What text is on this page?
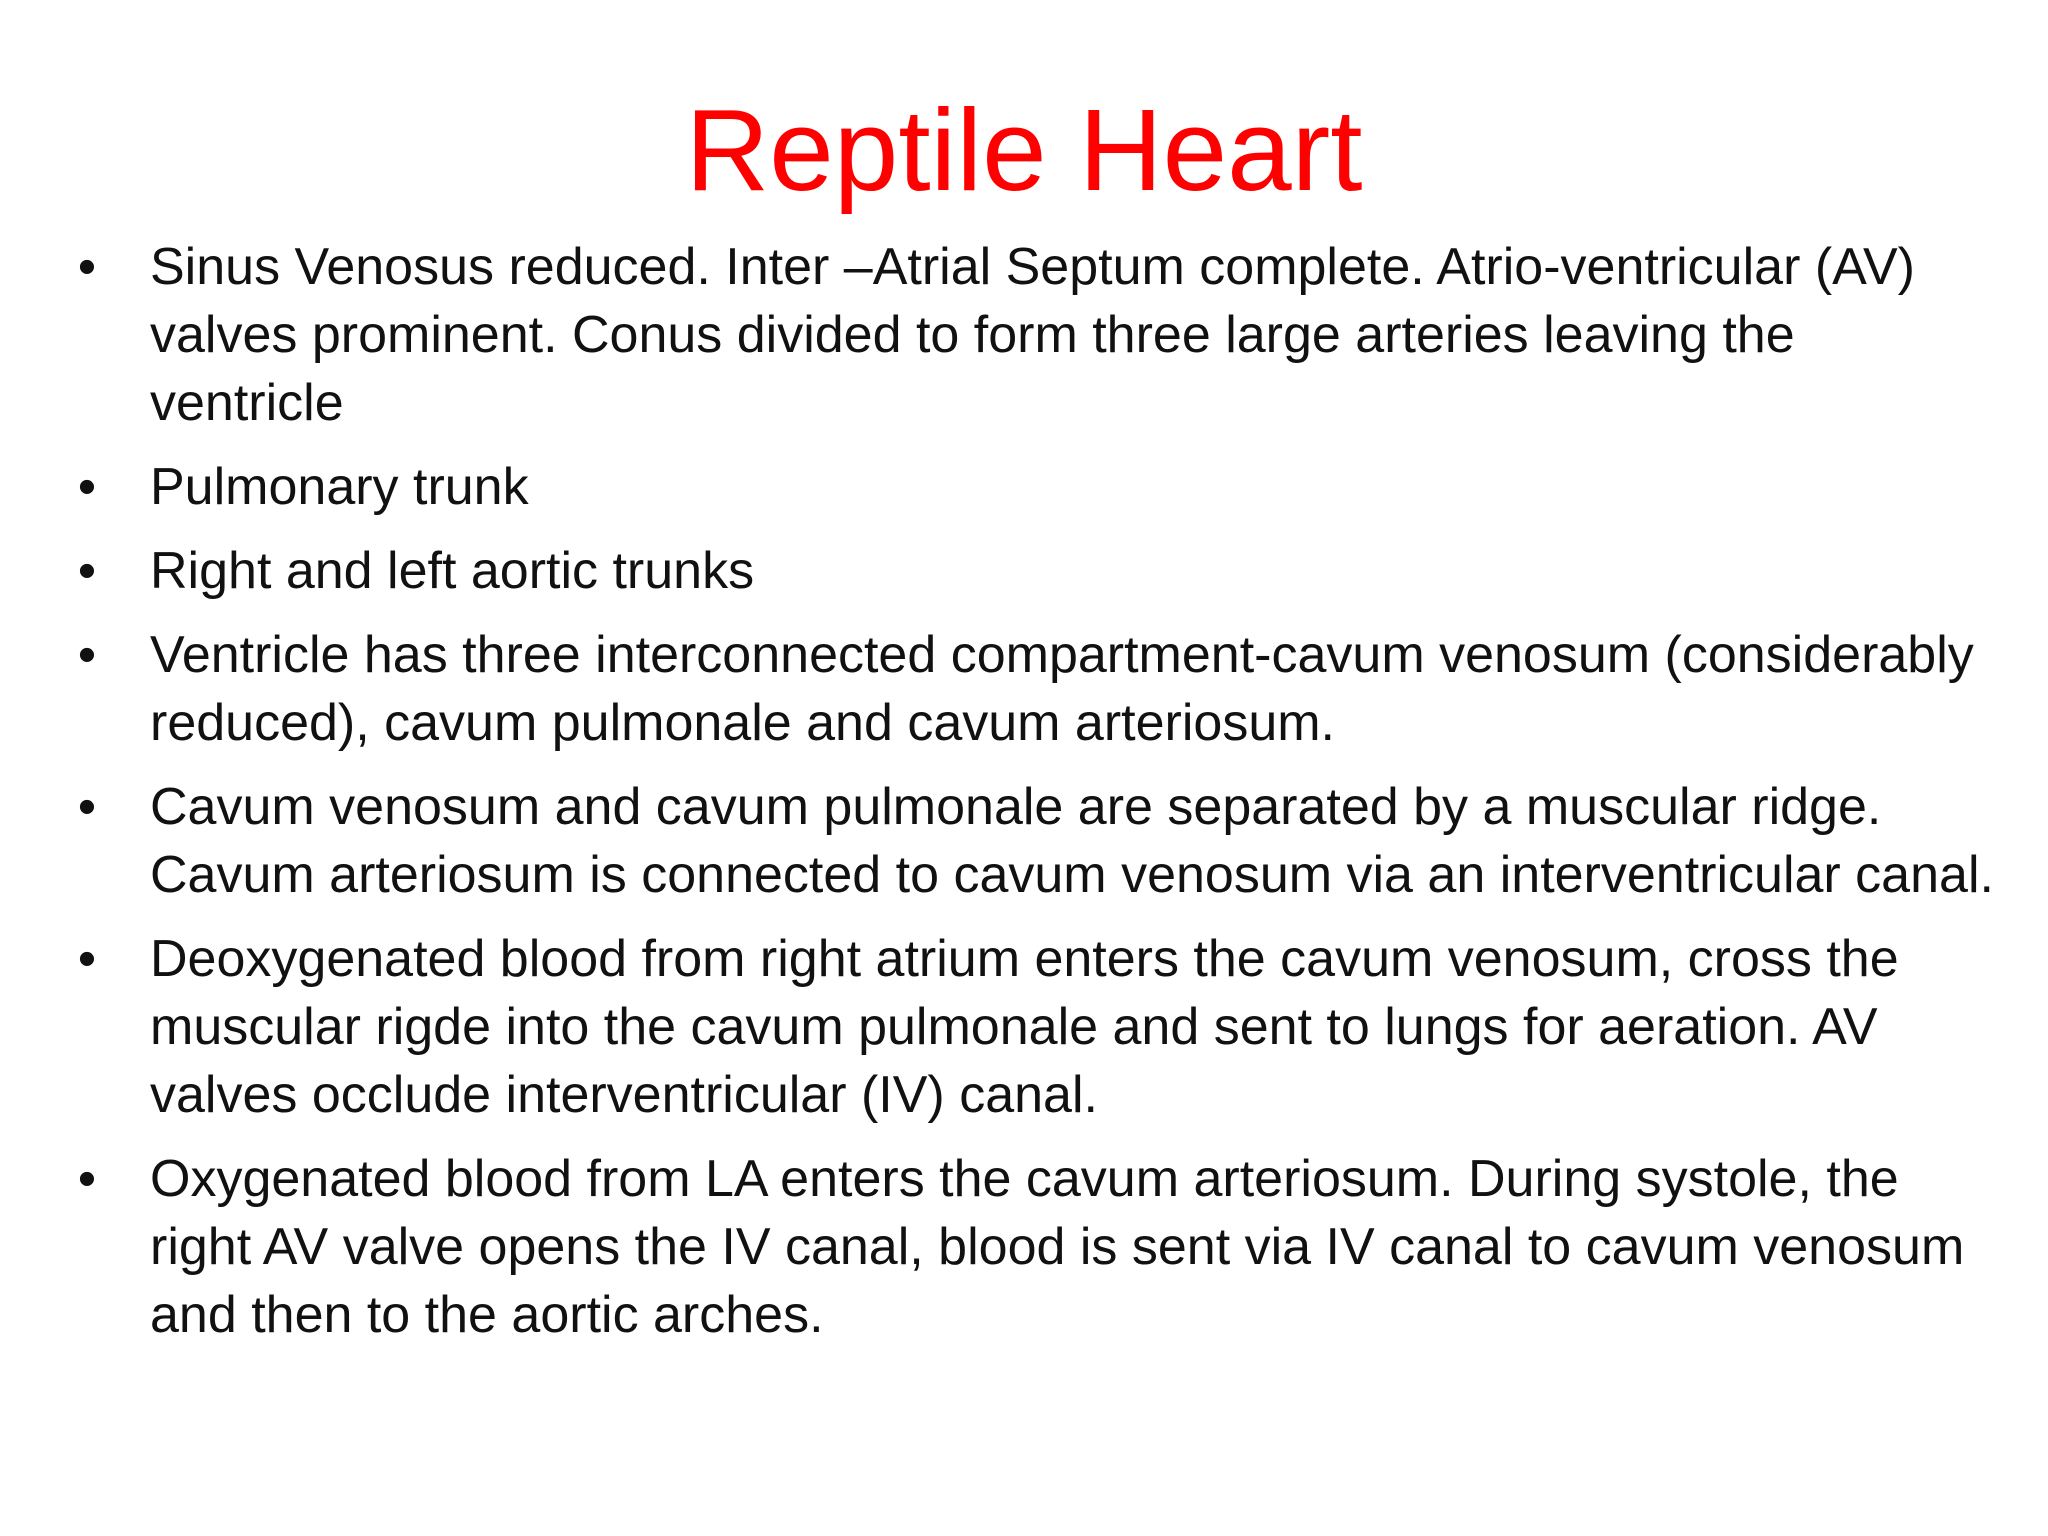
Reptile Heart
• Sinus Venosus reduced. Inter –Atrial Septum complete. Atrio-ventricular (AV) valves prominent. Conus divided to form three large arteries leaving the ventricle
• Pulmonary trunk
• Right and left aortic trunks
• Ventricle has three interconnected compartment-cavum venosum (considerably reduced), cavum pulmonale and cavum arteriosum.
• Cavum venosum and cavum pulmonale are separated by a muscular ridge. Cavum arteriosum is connected to cavum venosum via an interventricular canal.
• Deoxygenated blood from right atrium enters the cavum venosum, cross the muscular rigde into the cavum pulmonale and sent to lungs for aeration. AV valves occlude interventricular (IV) canal.
• Oxygenated blood from LA enters the cavum arteriosum. During systole, the right AV valve opens the IV canal, blood is sent via IV canal to cavum venosum and then to the aortic arches.
